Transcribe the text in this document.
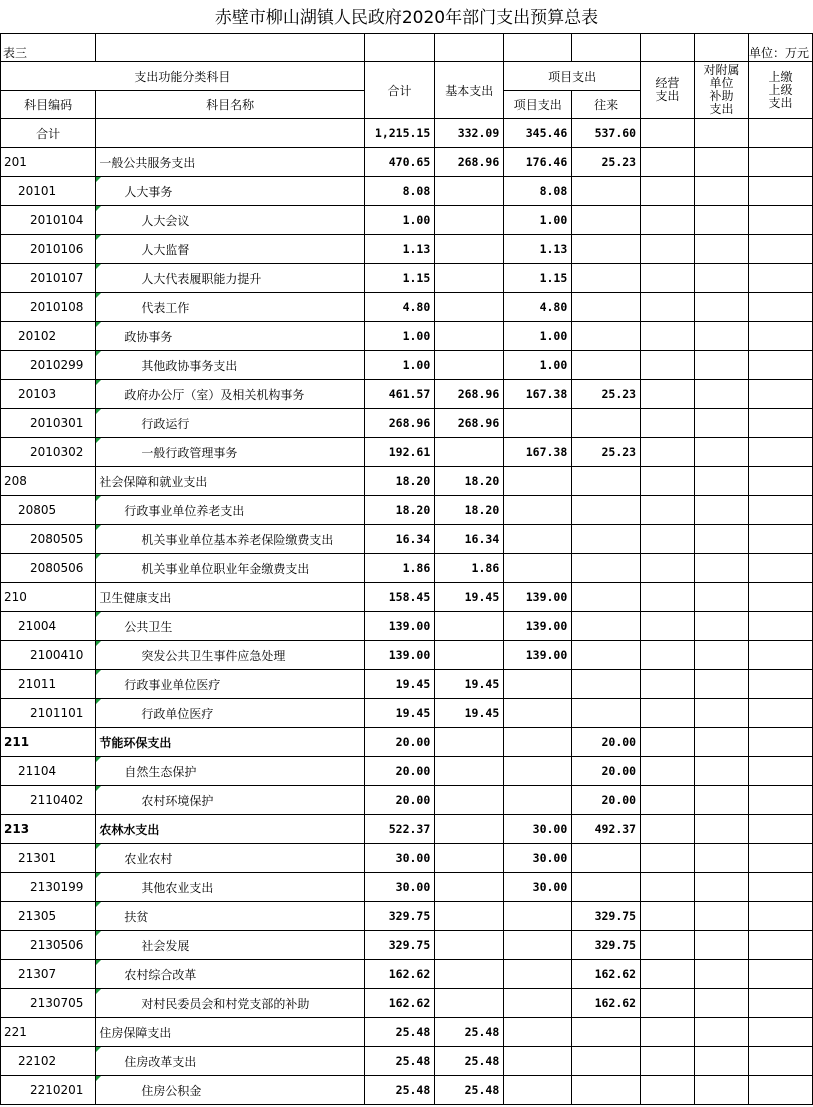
赤壁市柳山湖镇人民政府2020年部门支出预算总表
表三								单位：万元
支出功能分类科目		合计	基本支出	项目支出		经营
支出	对附属
单位
补助
支出	上缴
上级
支出
科目编码	科目名称			项目支出	往来			
合计		1,215.15	332.09	345.46	537.60			
201	一般公共服务支出	470.65	268.96	176.46	25.23			
20101	人大事务	8.08		8.08				
2010104	人大会议	1.00		1.00				
2010106	人大监督	1.13		1.13				
2010107	人大代表履职能力提升	1.15		1.15				
2010108	代表工作	4.80		4.80				
20102	政协事务	1.00		1.00				
2010299	其他政协事务支出	1.00		1.00				
20103	政府办公厅（室）及相关机构事务	461.57	268.96	167.38	25.23			
2010301	行政运行	268.96	268.96					
2010302	一般行政管理事务	192.61		167.38	25.23			
208	社会保障和就业支出	18.20	18.20					
20805	行政事业单位养老支出	18.20	18.20					
2080505	机关事业单位基本养老保险缴费支出	16.34	16.34					
2080506	机关事业单位职业年金缴费支出	1.86	1.86					
210	卫生健康支出	158.45	19.45	139.00				
21004	公共卫生	139.00		139.00				
2100410	突发公共卫生事件应急处理	139.00		139.00				
21011	行政事业单位医疗	19.45	19.45					
2101101	行政单位医疗	19.45	19.45					
211	节能环保支出	20.00			20.00			
21104	自然生态保护	20.00			20.00			
2110402	农村环境保护	20.00			20.00			
213	农林水支出	522.37		30.00	492.37			
21301	农业农村	30.00		30.00				
2130199	其他农业支出	30.00		30.00				
21305	扶贫	329.75			329.75			
2130506	社会发展	329.75			329.75			
21307	农村综合改革	162.62			162.62			
2130705	对村民委员会和村党支部的补助	162.62			162.62			
221	住房保障支出	25.48	25.48					
22102	住房改革支出	25.48	25.48					
2210201	住房公积金	25.48	25.48					
